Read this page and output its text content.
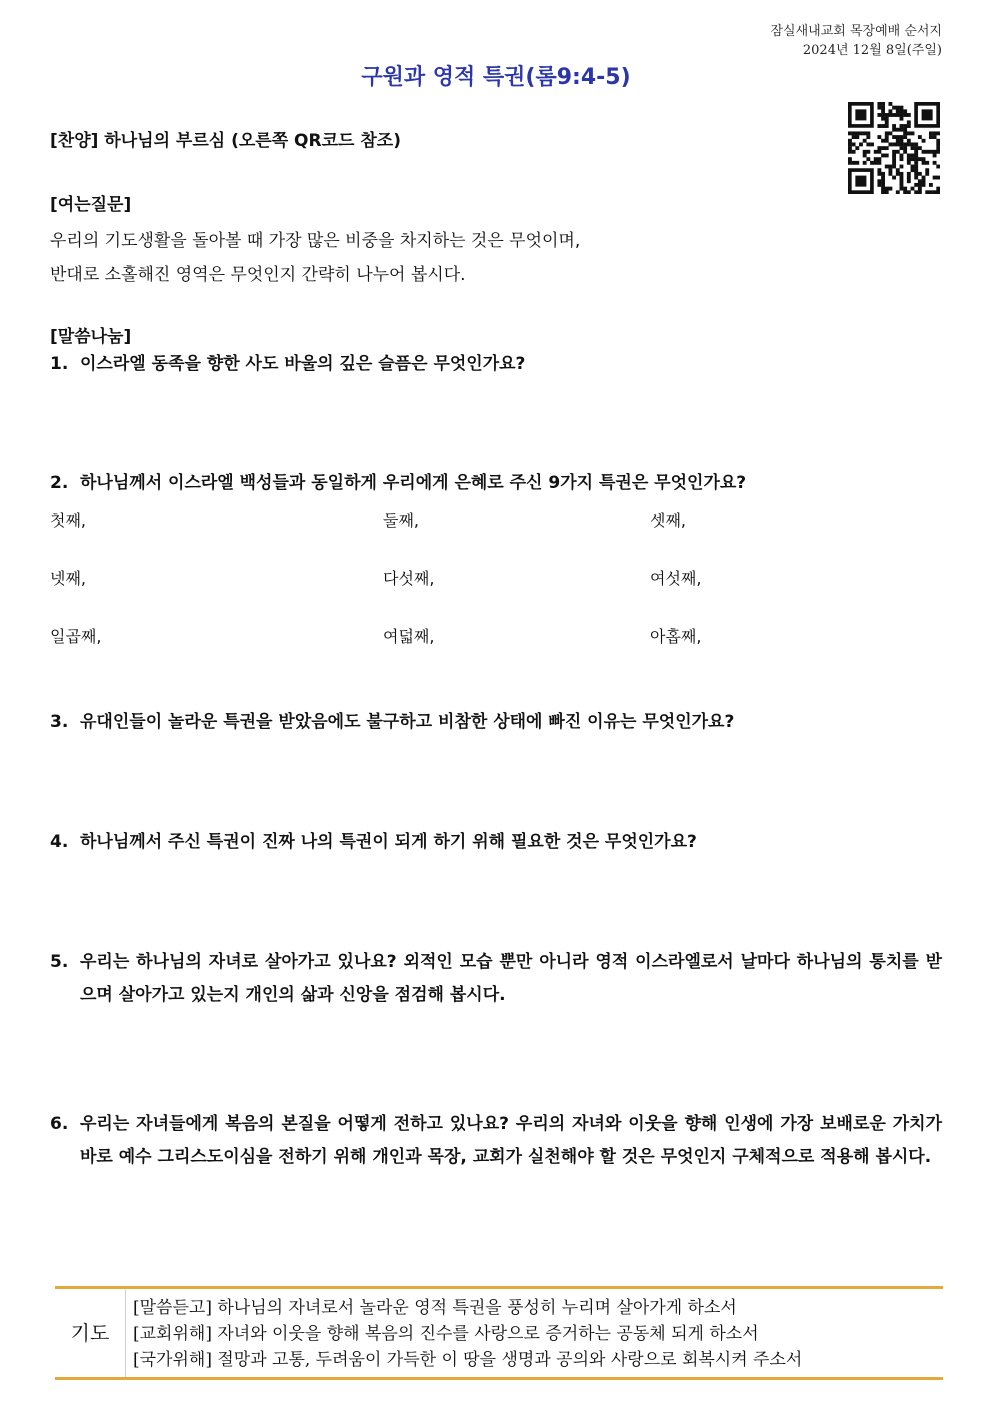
잠실새내교회 목장예배 순서지
2024년 12월 8일(주일)
구원과 영적 특권(롬9:4-5)
[찬양] 하나님의 부르심 (오른쪽 QR코드 참조)
[여는질문]
우리의 기도생활을 돌아볼 때 가장 많은 비중을 차지하는 것은 무엇이며,
반대로 소홀해진 영역은 무엇인지 간략히 나누어 봅시다.
[말씀나눔]
1. 이스라엘 동족을 향한 사도 바울의 깊은 슬픔은 무엇인가요?
2. 하나님께서 이스라엘 백성들과 동일하게 우리에게 은혜로 주신 9가지 특권은 무엇인가요?
첫째,	둘째,	셋째,
넷째,	다섯째,	여섯째,
일곱째,	여덟째,	아홉째,
3. 유대인들이 놀라운 특권을 받았음에도 불구하고 비참한 상태에 빠진 이유는 무엇인가요?
4. 하나님께서 주신 특권이 진짜 나의 특권이 되게 하기 위해 필요한 것은 무엇인가요?
5. 우리는 하나님의 자녀로 살아가고 있나요? 외적인 모습 뿐만 아니라 영적 이스라엘로서 날마다 하나님의 통치를 받으며 살아가고 있는지 개인의 삶과 신앙을 점검해 봅시다.
6. 우리는 자녀들에게 복음의 본질을 어떻게 전하고 있나요? 우리의 자녀와 이웃을 향해 인생에 가장 보배로운 가치가 바로 예수 그리스도이심을 전하기 위해 개인과 목장, 교회가 실천해야 할 것은 무엇인지 구체적으로 적용해 봅시다.
기도
[말씀듣고] 하나님의 자녀로서 놀라운 영적 특권을 풍성히 누리며 살아가게 하소서
[교회위해] 자녀와 이웃을 향해 복음의 진수를 사랑으로 증거하는 공동체 되게 하소서
[국가위해] 절망과 고통, 두려움이 가득한 이 땅을 생명과 공의와 사랑으로 회복시켜 주소서
